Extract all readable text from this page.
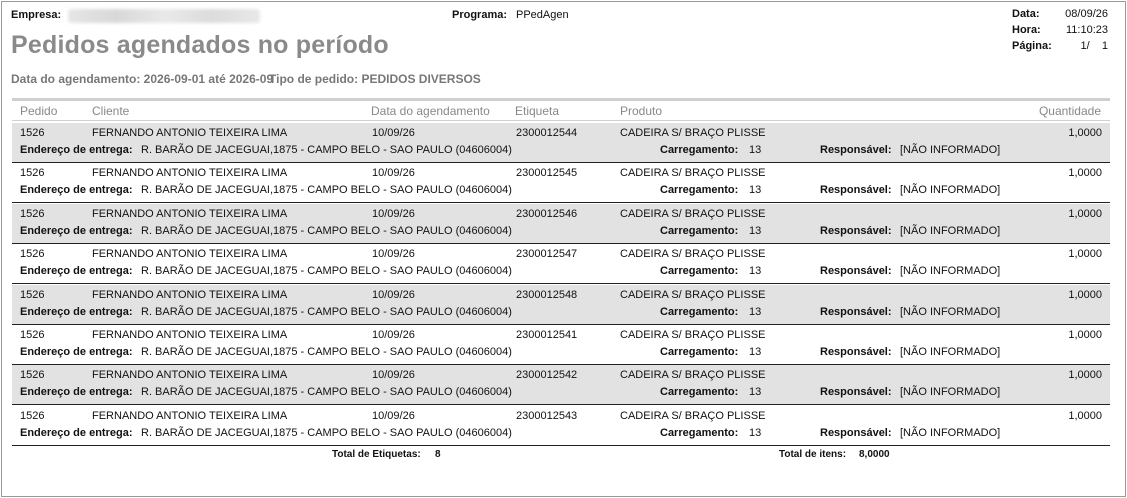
Empresa:	Programa: PPedAgen	Data: 08/09/26
Hora: 11:10:23
Página:	1/    1
Pedidos agendados no período
Data do agendamento: 2026-09-01 até 2026-09
Tipo de pedido: PEDIDOS DIVERSOS
Pedido	Cliente	Data do agendamento Etiqueta	Produto	Quantidade
1526	FERNANDO ANTONIO TEIXEIRA LIMA	10/09/26	2300012544	CADEIRA S/ BRAÇO PLISSE	1,0000
Endereço de entrega: R. BARÃO DE JACEGUAI,1875 - CAMPO BELO - SAO PAULO (04606004)	Carregamento: 13	Responsável: [NÃO INFORMADO]
1526	FERNANDO ANTONIO TEIXEIRA LIMA	10/09/26	2300012545	CADEIRA S/ BRAÇO PLISSE	1,0000
Endereço de entrega: R. BARÃO DE JACEGUAI,1875 - CAMPO BELO - SAO PAULO (04606004)	Carregamento: 13	Responsável: [NÃO INFORMADO]
1526	FERNANDO ANTONIO TEIXEIRA LIMA	10/09/26	2300012546	CADEIRA S/ BRAÇO PLISSE	1,0000
Endereço de entrega: R. BARÃO DE JACEGUAI,1875 - CAMPO BELO - SAO PAULO (04606004)	Carregamento: 13	Responsável: [NÃO INFORMADO]
1526	FERNANDO ANTONIO TEIXEIRA LIMA	10/09/26	2300012547	CADEIRA S/ BRAÇO PLISSE	1,0000
Endereço de entrega: R. BARÃO DE JACEGUAI,1875 - CAMPO BELO - SAO PAULO (04606004)	Carregamento: 13	Responsável: [NÃO INFORMADO]
1526	FERNANDO ANTONIO TEIXEIRA LIMA	10/09/26	2300012548	CADEIRA S/ BRAÇO PLISSE	1,0000
Endereço de entrega: R. BARÃO DE JACEGUAI,1875 - CAMPO BELO - SAO PAULO (04606004)	Carregamento: 13	Responsável: [NÃO INFORMADO]
1526	FERNANDO ANTONIO TEIXEIRA LIMA	10/09/26	2300012541	CADEIRA S/ BRAÇO PLISSE	1,0000
Endereço de entrega: R. BARÃO DE JACEGUAI,1875 - CAMPO BELO - SAO PAULO (04606004)	Carregamento: 13	Responsável: [NÃO INFORMADO]
1526	FERNANDO ANTONIO TEIXEIRA LIMA	10/09/26	2300012542	CADEIRA S/ BRAÇO PLISSE	1,0000
Endereço de entrega: R. BARÃO DE JACEGUAI,1875 - CAMPO BELO - SAO PAULO (04606004)	Carregamento: 13	Responsável: [NÃO INFORMADO]
1526	FERNANDO ANTONIO TEIXEIRA LIMA	10/09/26	2300012543	CADEIRA S/ BRAÇO PLISSE	1,0000
Endereço de entrega: R. BARÃO DE JACEGUAI,1875 - CAMPO BELO - SAO PAULO (04606004)	Carregamento: 13	Responsável: [NÃO INFORMADO]
Total de Etiquetas: 8	Total de itens: 8,0000
